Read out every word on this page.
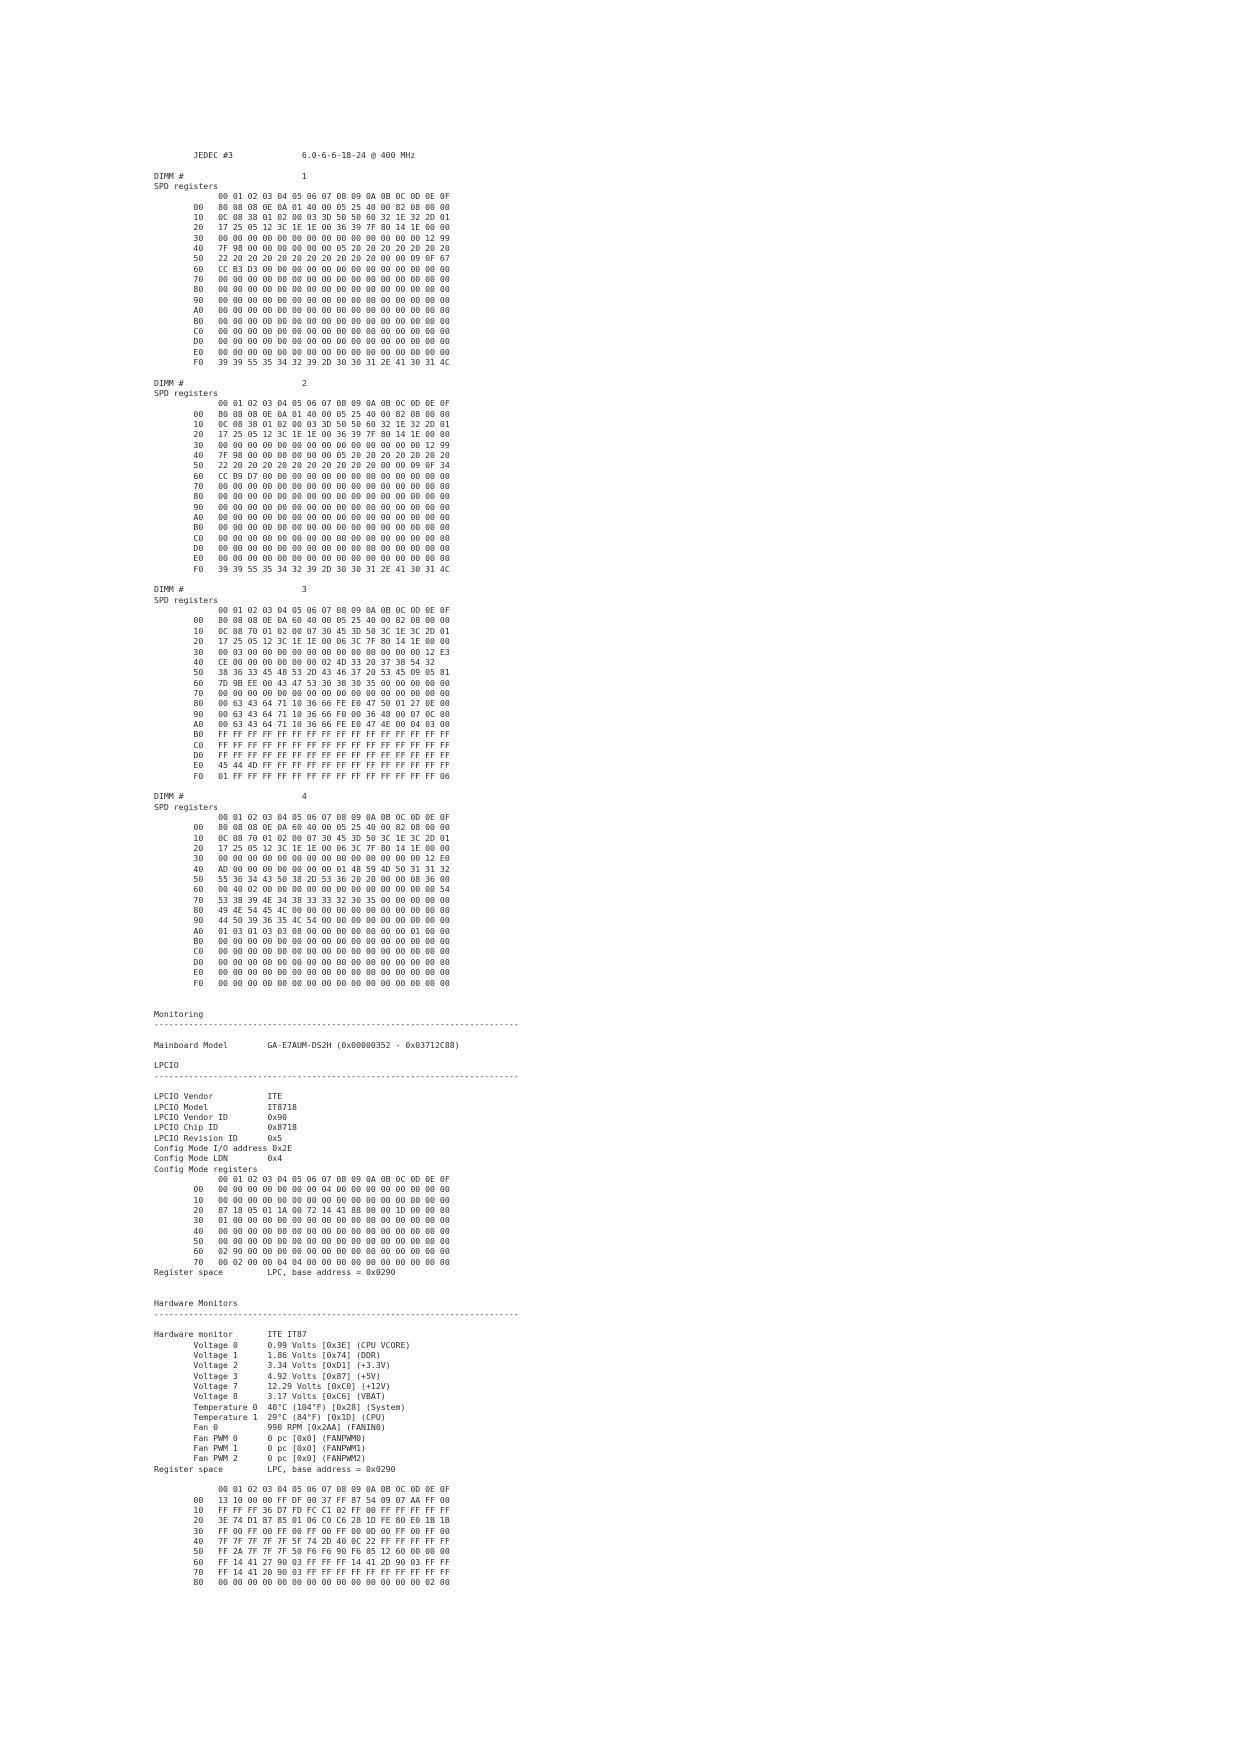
JEDEC #3              6.0-6-6-18-24 @ 400 MHz

DIMM #                        1
SPD registers
00 01 02 03 04 05 06 07 08 09 0A 0B 0C 0D 0E 0F
00   80 08 08 0E 0A 01 40 00 05 25 40 00 82 08 00 00
10   0C 08 38 01 02 00 03 3D 50 50 60 32 1E 32 2D 01
20   17 25 05 12 3C 1E 1E 00 36 39 7F 80 14 1E 00 00
30   00 00 00 00 00 00 00 00 00 00 00 00 00 00 12 99
40   7F 98 00 00 00 00 00 00 05 20 20 20 20 20 20 20
50   22 20 20 20 20 20 20 20 20 20 20 00 00 09 0F 67
60   CC B3 D3 00 00 00 00 00 00 00 00 00 00 00 00 00
70   00 00 00 00 00 00 00 00 00 00 00 00 00 00 00 00
80   00 00 00 00 00 00 00 00 00 00 00 00 00 00 00 00
90   00 00 00 00 00 00 00 00 00 00 00 00 00 00 00 00
A0   00 00 00 00 00 00 00 00 00 00 00 00 00 00 00 00
B0   00 00 00 00 00 00 00 00 00 00 00 00 00 00 00 00
C0   00 00 00 00 00 00 00 00 00 00 00 00 00 00 00 00
D0   00 00 00 00 00 00 00 00 00 00 00 00 00 00 00 00
E0   00 00 00 00 00 00 00 00 00 00 00 00 00 00 00 00
F0   39 39 55 35 34 32 39 2D 30 30 31 2E 41 30 31 4C

DIMM #                        2
SPD registers
00 01 02 03 04 05 06 07 08 09 0A 0B 0C 0D 0E 0F
00   80 08 08 0E 0A 01 40 00 05 25 40 00 82 08 00 00
10   0C 08 38 01 02 00 03 3D 50 50 60 32 1E 32 2D 01
20   17 25 05 12 3C 1E 1E 00 36 39 7F 80 14 1E 00 00
30   00 00 00 00 00 00 00 00 00 00 00 00 00 00 12 99
40   7F 98 00 00 00 00 00 00 05 20 20 20 20 20 20 20
50   22 20 20 20 20 20 20 20 20 20 20 00 00 09 0F 34
60   CC B9 D7 00 00 00 00 00 00 00 00 00 00 00 00 00
70   00 00 00 00 00 00 00 00 00 00 00 00 00 00 00 00
80   00 00 00 00 00 00 00 00 00 00 00 00 00 00 00 00
90   00 00 00 00 00 00 00 00 00 00 00 00 00 00 00 00
A0   00 00 00 00 00 00 00 00 00 00 00 00 00 00 00 00
B0   00 00 00 00 00 00 00 00 00 00 00 00 00 00 00 00
C0   00 00 00 00 00 00 00 00 00 00 00 00 00 00 00 00
D0   00 00 00 00 00 00 00 00 00 00 00 00 00 00 00 00
E0   00 00 00 00 00 00 00 00 00 00 00 00 00 00 00 00
F0   39 39 55 35 34 32 39 2D 30 30 31 2E 41 30 31 4C

DIMM #                        3
SPD registers
00 01 02 03 04 05 06 07 08 09 0A 0B 0C 0D 0E 0F
00   80 08 08 0E 0A 60 40 00 05 25 40 00 82 08 00 00
10   0C 08 70 01 02 00 07 30 45 3D 50 3C 1E 3C 2D 01
20   17 25 05 12 3C 1E 1E 00 06 3C 7F 80 14 1E 00 00
30   00 03 00 00 00 00 00 00 00 00 00 00 00 00 12 E3
40   CE 00 00 00 00 00 00 02 4D 33 20 37 38 54 32
50   38 36 33 45 48 53 2D 43 46 37 20 53 45 09 05 81
60   7D 9B EE 00 43 47 53 30 38 30 35 00 00 00 00 00
70   00 00 00 00 00 00 00 00 00 00 00 00 00 00 00 00
80   00 63 43 64 71 10 36 66 FE E0 47 50 01 27 0E 00
90   00 63 43 64 71 10 36 66 F0 00 36 48 00 07 0C 00
A0   00 63 43 64 71 10 36 66 FE E0 47 4E 00 04 03 00
B0   FF FF FF FF FF FF FF FF FF FF FF FF FF FF FF FF
C0   FF FF FF FF FF FF FF FF FF FF FF FF FF FF FF FF
D0   FF FF FF FF FF FF FF FF FF FF FF FF FF FF FF FF
E0   45 44 4D FF FF FF FF FF FF FF FF FF FF FF FF FF
F0   01 FF FF FF FF FF FF FF FF FF FF FF FF FF FF 06

DIMM #                        4
SPD registers
00 01 02 03 04 05 06 07 08 09 0A 0B 0C 0D 0E 0F
00   80 08 08 0E 0A 60 40 00 05 25 40 00 82 08 00 00
10   0C 08 70 01 02 00 07 30 45 3D 50 3C 1E 3C 2D 01
20   17 25 05 12 3C 1E 1E 00 06 3C 7F 80 14 1E 00 00
30   00 00 00 00 00 00 00 00 00 00 00 00 00 00 12 E0
40   AD 00 00 00 00 00 00 00 01 48 59 4D 50 31 31 32
50   55 36 34 43 50 38 2D 53 36 20 20 00 00 08 36 00
60   00 40 02 00 00 00 00 00 00 00 00 00 00 00 00 54
70   53 38 39 4E 34 38 33 33 32 30 35 00 00 00 00 00
80   49 4E 54 45 4C 00 00 00 00 00 00 00 00 00 00 00
90   44 50 39 36 35 4C 54 00 00 00 00 00 00 00 00 00
A0   01 03 01 03 03 08 00 00 00 00 00 00 00 01 00 00
B0   00 00 00 00 00 00 00 00 00 00 00 00 00 00 00 00
C0   00 00 00 00 00 00 00 00 00 00 00 00 00 00 00 00
D0   00 00 00 00 00 00 00 00 00 00 00 00 00 00 00 00
E0   00 00 00 00 00 00 00 00 00 00 00 00 00 00 00 00
F0   00 00 00 00 00 00 00 00 00 00 00 00 00 00 00 00

Monitoring
--------------------------------------------------------------------------

Mainboard Model        GA-E7AUM-DS2H (0x00000352 - 0x03712C88)

LPCIO
--------------------------------------------------------------------------

LPCIO Vendor           ITE
LPCIO Model            IT8718
LPCIO Vendor ID        0x90
LPCIO Chip ID          0x8718
LPCIO Revision ID      0x5
Config Mode I/O address 0x2E
Config Mode LDN        0x4
Config Mode registers
00 01 02 03 04 05 06 07 08 09 0A 0B 0C 0D 0E 0F
00   00 00 00 00 00 00 00 04 00 00 00 00 00 00 00 00
10   00 00 00 00 00 00 00 00 00 00 00 00 00 00 00 00
20   87 18 05 01 1A 00 72 14 41 88 00 00 1D 00 00 00
30   01 00 00 00 00 00 00 00 00 00 00 00 00 00 00 00
40   00 00 00 00 00 00 00 00 00 00 00 00 00 00 00 00
50   00 00 00 00 00 00 00 00 00 00 00 00 00 00 00 00
60   02 90 00 00 00 00 00 00 00 00 00 00 00 00 00 00
70   00 02 00 00 04 04 00 00 00 00 00 00 00 00 00 00
Register space         LPC, base address = 0x0290

Hardware Monitors
--------------------------------------------------------------------------

Hardware monitor       ITE IT87
Voltage 0      0.99 Volts [0x3E] (CPU VCORE)
Voltage 1      1.86 Volts [0x74] (DDR)
Voltage 2      3.34 Volts [0xD1] (+3.3V)
Voltage 3      4.92 Volts [0x87] (+5V)
Voltage 7      12.29 Volts [0xC0] (+12V)
Voltage 8      3.17 Volts [0xC6] (VBAT)
Temperature 0  40°C (104°F) [0x28] (System)
Temperature 1  29°C (84°F) [0x1D] (CPU)
Fan 0          990 RPM [0x2AA] (FANIN0)
Fan PWM 0      0 pc [0x0] (FANPWM0)
Fan PWM 1      0 pc [0x0] (FANPWM1)
Fan PWM 2      0 pc [0x0] (FANPWM2)
Register space         LPC, base address = 0x0290

00 01 02 03 04 05 06 07 08 09 0A 0B 0C 0D 0E 0F
00   13 10 00 00 FF DF 00 37 FF 87 54 09 07 AA FF 00
10   FF FF FF 36 D7 FD FC C1 02 FF 00 FF FF FF FF FF
20   3E 74 D1 87 85 01 06 C0 C6 28 1D FE 80 E0 1B 1B
30   FF 00 FF 00 FF 00 FF 00 FF 00 0D 00 FF 00 FF 00
40   7F 7F 7F 7F 7F 5F 74 2D 40 0C 22 FF FF FF FF FF
50   FF 2A 7F 7F 7F 50 F6 F6 90 F6 05 12 60 00 00 00
60   FF 14 41 27 90 03 FF FF FF 14 41 2D 90 03 FF FF
70   FF 14 41 20 90 03 FF FF FF FF FF FF FF FF FF FF
80   00 00 00 00 00 00 00 00 00 00 00 00 00 00 02 00
